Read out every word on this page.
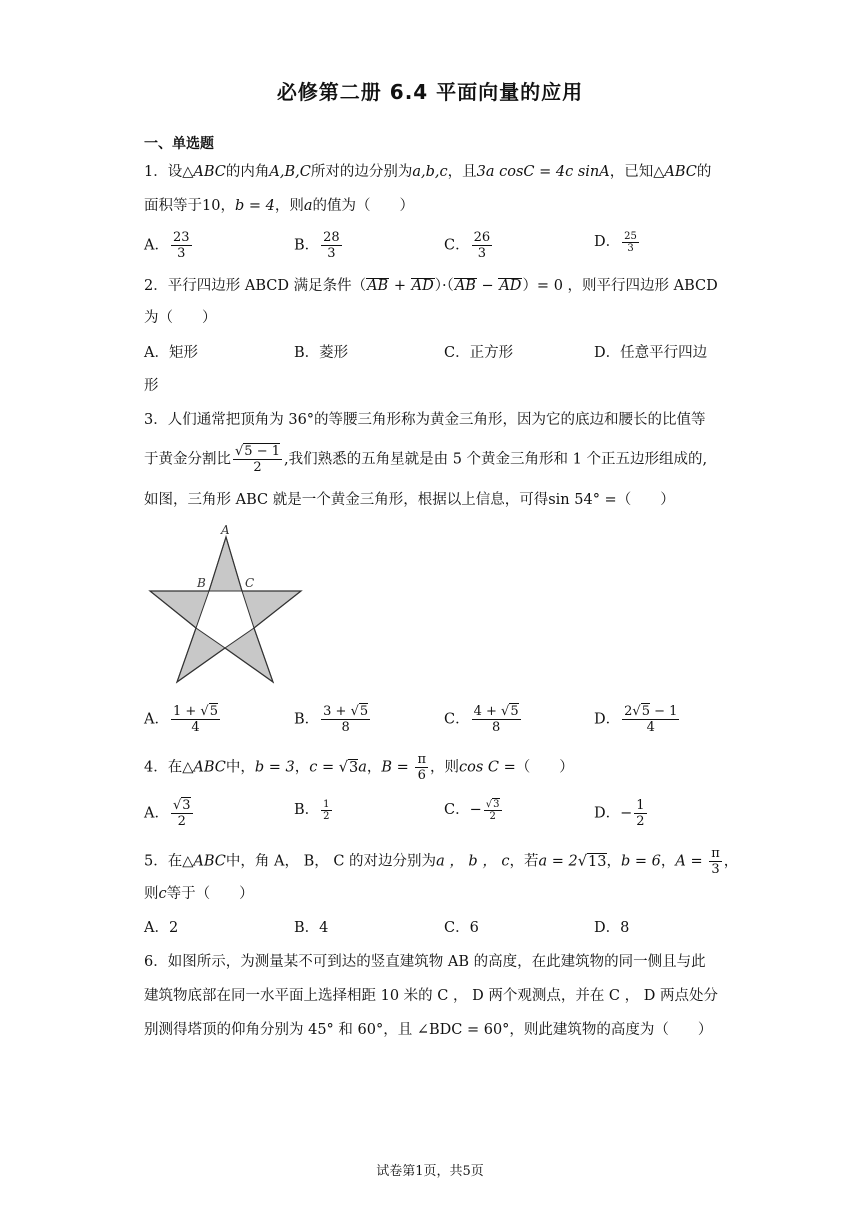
必修第二册 6.4 平面向量的应用
一、单选题
1．设△ABC的内角A,B,C所对的边分别为a,b,c，且3a cosC = 4c sinA，已知△ABC的
面积等于10，b = 4，则a的值为（　　）
A． $\frac{23}{3}$	B． $\frac{28}{3}$	C． $\frac{26}{3}$	D． $\frac{25}{3}$
2．平行四边形 ABCD 满足条件（AB + AD）·（AB − AD）= 0 ，则平行四边形 ABCD
为（　　）
A．矩形	B．菱形	C．正方形	D．任意平行四边
形
3．人们通常把顶角为 36°的等腰三角形称为黄金三角形，因为它的底边和腰长的比值等
于黄金分割比 $\frac{√5 - 1}{2}$ ,我们熟悉的五角星就是由 5 个黄金三角形和 1 个正五边形组成的,
如图，三角形 ABC 就是一个黄金三角形，根据以上信息，可得sin 54° =（　　）
A
B	C
A． $\frac{1 + √5}{4}$	B． $\frac{3 + √5}{8}$	C． $\frac{4 + √5}{8}$	D． $\frac{2√5 - 1}{4}$
4．在△ABC中，b = 3，c = √3a，$B = \frac{\pi}{6}$ ，则cos C =（　　）
A． $\frac{√3}{2}$	B． $\frac{1}{2}$	C．− $\frac{√3}{2}$	D．− $\frac{1}{2}$
5．在△ABC中，角 A， B， C 的对边分别为a ， b ， c，若a = 2√13，b = 6，$A = \frac{\pi}{3}$ ，
则c等于（　　）
A．2	B．4	C．6	D．8
6．如图所示，为测量某不可到达的竖直建筑物 AB 的高度，在此建筑物的同一侧且与此
建筑物底部在同一水平面上选择相距 10 米的 C ， D 两个观测点，并在 C ， D 两点处分
别测得塔顶的仰角分别为 45° 和 60°，且 ∠BDC = 60°，则此建筑物的高度为（　　）
试卷第1页，共5页
